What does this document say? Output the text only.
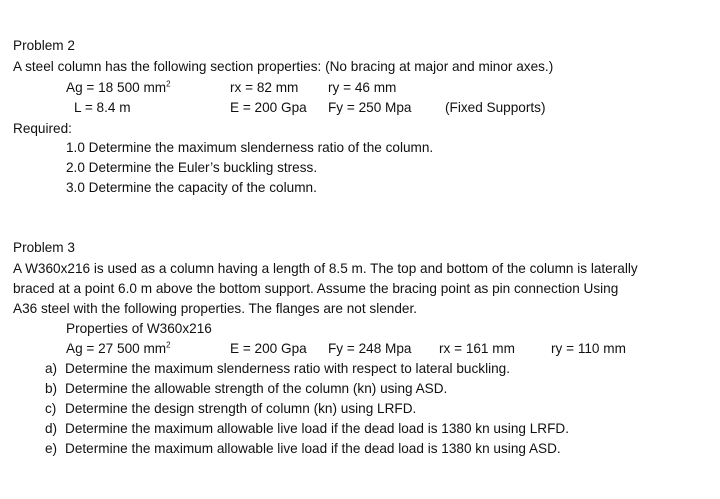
Problem 2
A steel column has the following section properties: (No bracing at major and minor axes.)
Ag = 18 500 $mm^2$	rx = 82 mm ry = 46 mm
L = 8.4 m	E = 200 Gpa Fy = 250 Mpa (Fixed Supports)
Required:
1.0 Determine the maximum slenderness ratio of the column.
2.0 Determine the Euler’s buckling stress.
3.0 Determine the capacity of the column.
Problem 3
A W360x216 is used as a column having a length of 8.5 m. The top and bottom of the column is laterally
braced at a point 6.0 m above the bottom support. Assume the bracing point as pin connection Using
A36 steel with the following properties. The flanges are not slender.
Properties of W360x216
Ag = 27 500 $mm^2$	E = 200 Gpa Fy = 248 Mpa rx = 161 mm	ry = 110 mm
a) Determine the maximum slenderness ratio with respect to lateral buckling.
b) Determine the allowable strength of the column (kn) using ASD.
c) Determine the design strength of column (kn) using LRFD.
d) Determine the maximum allowable live load if the dead load is 1380 kn using LRFD.
e) Determine the maximum allowable live load if the dead load is 1380 kn using ASD.
